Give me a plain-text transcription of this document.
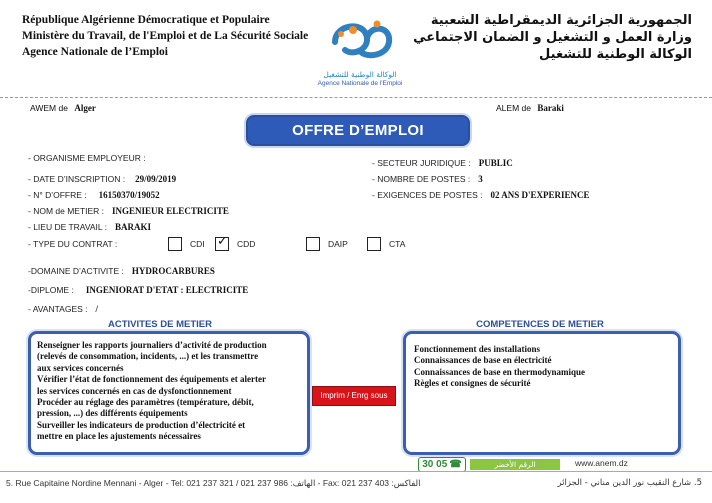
République Algérienne Démocratique et Populaire
Ministère du Travail, de l'Emploi et de La Sécurité Sociale
Agence Nationale de l’Emploi
الوكالة الوطنية للتشغيل
Agence Nationale de l'Emploi
الجمهورية الجزائرية الديمقراطية الشعبية
وزارة العمل و التشغيل و الضمان الاجتماعي
الوكالة الوطنية للتشغيل
AWEM de Alger	ALEM de Baraki
OFFRE D’EMPLOI
- ORGANISME EMPLOYEUR :
- DATE D’INSCRIPTION : 29/09/2019
- N° D’OFFRE : 16150370/19052
- NOM de METIER : INGENIEUR ELECTRICITE
- LIEU DE TRAVAIL : BARAKI
- SECTEUR JURIDIQUE : PUBLIC
- NOMBRE DE POSTES : 3
- EXIGENCES DE POSTES : 02 ANS D'EXPERIENCE
- TYPE DU CONTRAT :	CDI ✓ CDD	DAIP	CTA
-DOMAINE D’ACTIVITE : HYDROCARBURES
-DIPLOME : INGENIORAT D'ETAT : ELECTRICITE
- AVANTAGES : /
ACTIVITES DE METIER	COMPETENCES DE METIER
Renseigner les rapports journaliers d’activité de production
(relevés de consommation, incidents, ...) et les transmettre
aux services concernés
Vérifier l’état de fonctionnement des équipements et alerter
les services concernés en cas de dysfonctionnement
Procéder au réglage des paramètres (température, débit,
pression, ...) des différents équipements
Surveiller les indicateurs de production d’électricité et
mettre en place les ajustements nécessaires
Imprim / Enrg sous
Fonctionnement des installations
Connaissances de base en électricité
Connaissances de base en thermodynamique
Règles et consignes de sécurité
30 05 ☎	الرقم الأخضر	www.anem.dz
5. Rue Capitaine Nordine Mennani - Alger - Tel: 021 237 321 / 021 237 986 :الهاتف - Fax: 021 237 403 :الفاكس	5. شارع النقيب نور الدين مناني - الجزائر
